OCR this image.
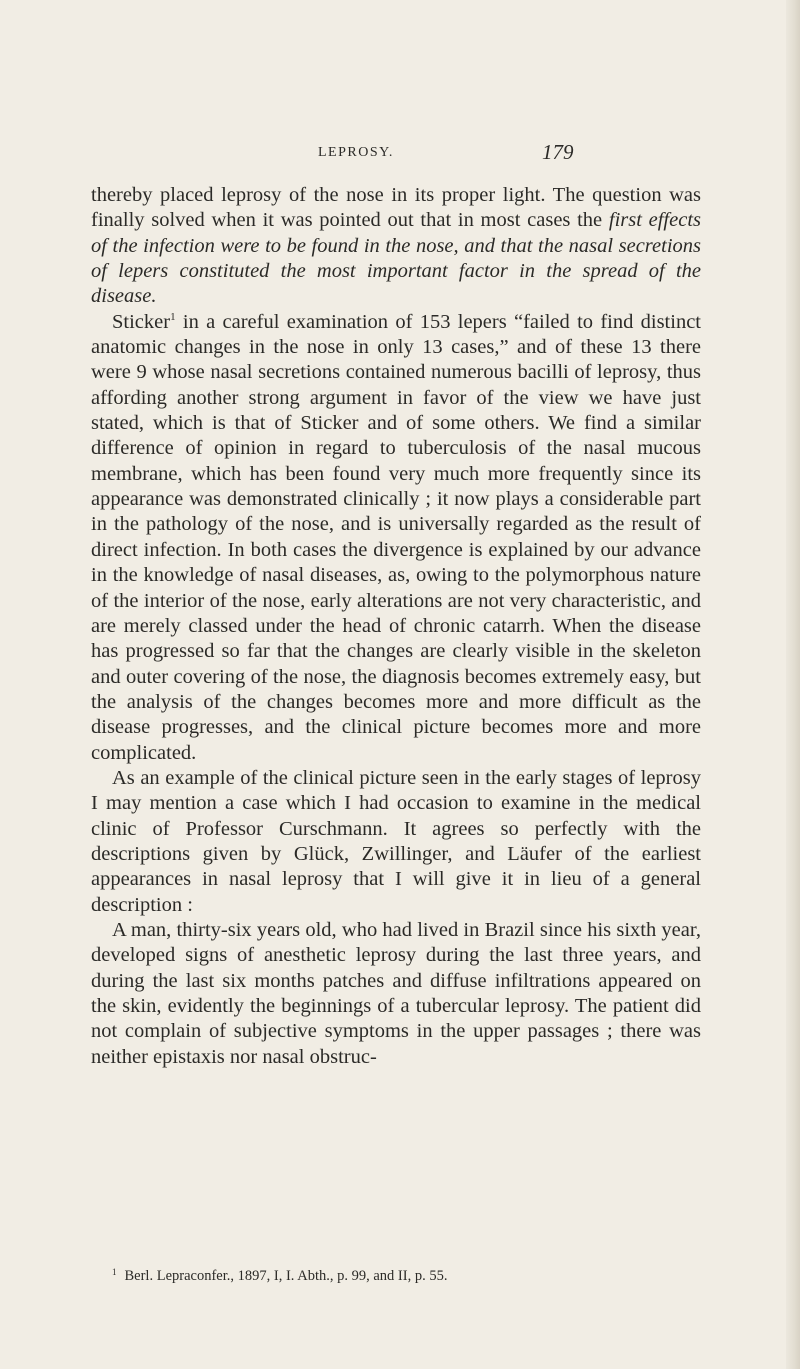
LEPROSY.	179

thereby placed leprosy of the nose in its proper light. The question was finally solved when it was pointed out that in most cases the first effects of the infection were to be found in the nose, and that the nasal secretions of lepers constituted the most important factor in the spread of the disease.

Sticker$^1$ in a careful examination of 153 lepers “failed to find distinct anatomic changes in the nose in only 13 cases,” and of these 13 there were 9 whose nasal secretions contained numerous bacilli of leprosy, thus affording another strong argument in favor of the view we have just stated, which is that of Sticker and of some others. We find a similar difference of opinion in regard to tuberculosis of the nasal mucous membrane, which has been found very much more frequently since its appearance was demonstrated clinically ; it now plays a considerable part in the pathology of the nose, and is universally regarded as the result of direct infection. In both cases the divergence is explained by our advance in the knowledge of nasal diseases, as, owing to the polymorphous nature of the interior of the nose, early alterations are not very characteristic, and are merely classed under the head of chronic catarrh. When the disease has progressed so far that the changes are clearly visible in the skeleton and outer covering of the nose, the diagnosis becomes extremely easy, but the analysis of the changes becomes more and more difficult as the disease progresses, and the clinical picture becomes more and more complicated.

As an example of the clinical picture seen in the early stages of leprosy I may mention a case which I had occasion to examine in the medical clinic of Professor Curschmann. It agrees so perfectly with the descriptions given by Glück, Zwillinger, and Läufer of the earliest appearances in nasal leprosy that I will give it in lieu of a general description :

A man, thirty-six years old, who had lived in Brazil since his sixth year, developed signs of anesthetic leprosy during the last three years, and during the last six months patches and diffuse infiltrations appeared on the skin, evidently the beginnings of a tubercular leprosy. The patient did not complain of subjective symptoms in the upper passages ; there was neither epistaxis nor nasal obstruc-

$^1$ Berl. Lepraconfer., 1897, I, I. Abth., p. 99, and II, p. 55.
